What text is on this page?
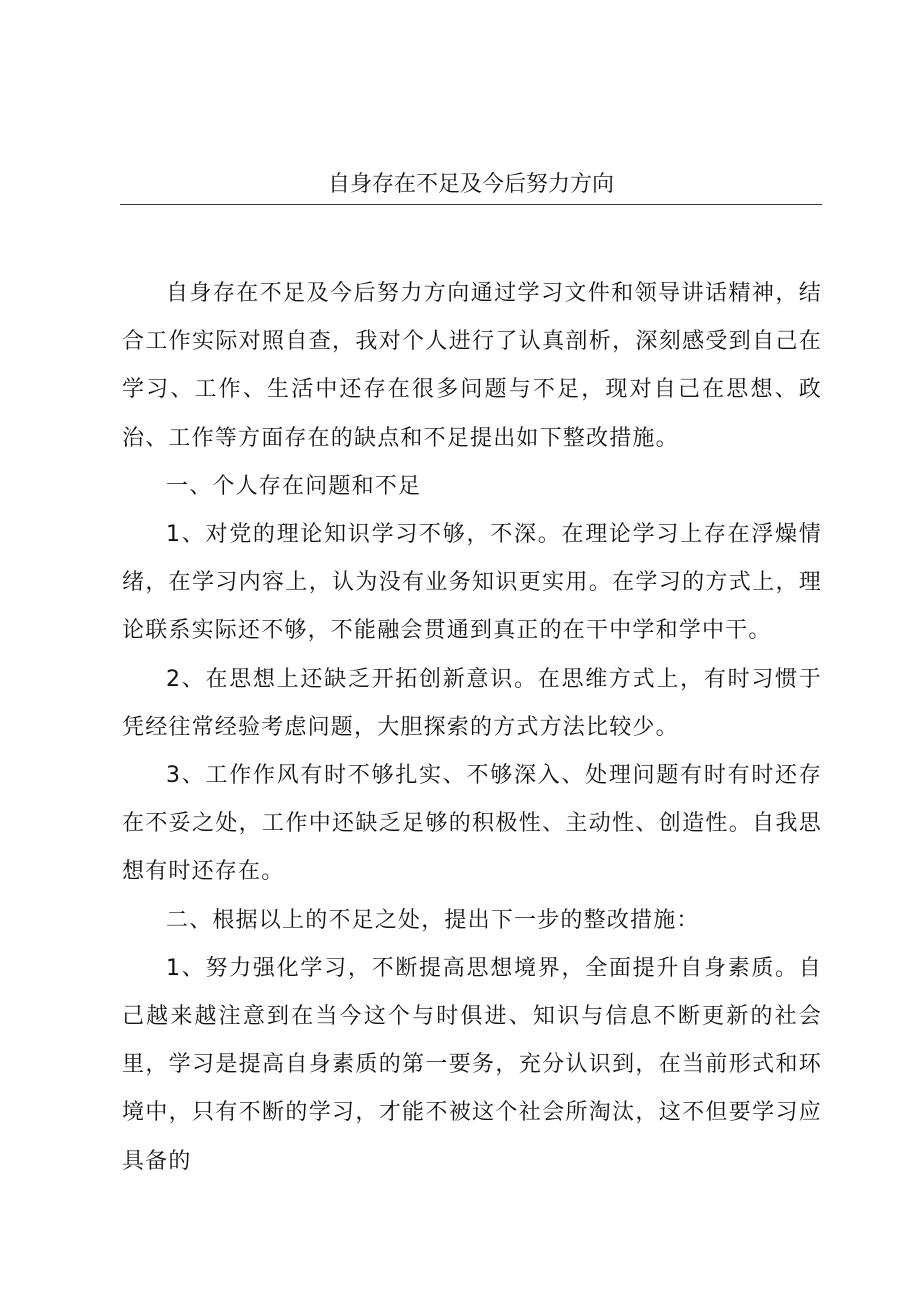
自身存在不足及今后努力方向

自身存在不足及今后努力方向通过学习文件和领导讲话精神，结合工作实际对照自查，我对个人进行了认真剖析，深刻感受到自己在学习、工作、生活中还存在很多问题与不足，现对自己在思想、政治、工作等方面存在的缺点和不足提出如下整改措施。

一、个人存在问题和不足

1、对党的理论知识学习不够，不深。在理论学习上存在浮燥情绪，在学习内容上，认为没有业务知识更实用。在学习的方式上，理论联系实际还不够，不能融会贯通到真正的在干中学和学中干。

2、在思想上还缺乏开拓创新意识。在思维方式上，有时习惯于凭经往常经验考虑问题，大胆探索的方式方法比较少。

3、工作作风有时不够扎实、不够深入、处理问题有时有时还存在不妥之处，工作中还缺乏足够的积极性、主动性、创造性。自我思想有时还存在。

二、根据以上的不足之处，提出下一步的整改措施：

1、努力强化学习，不断提高思想境界，全面提升自身素质。自己越来越注意到在当今这个与时俱进、知识与信息不断更新的社会里，学习是提高自身素质的第一要务，充分认识到，在当前形式和环境中，只有不断的学习，才能不被这个社会所淘汰，这不但要学习应具备的
